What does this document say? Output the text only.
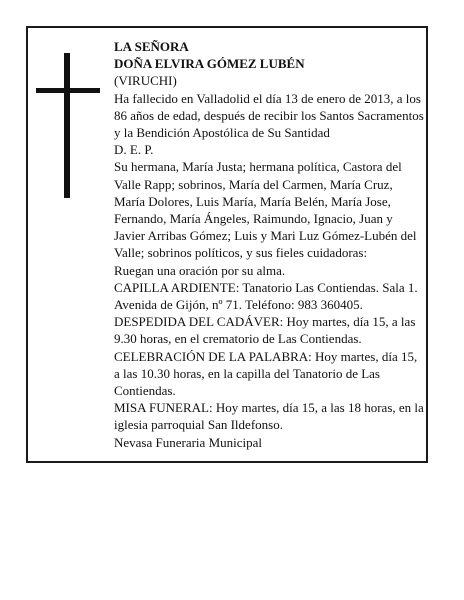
LA SEÑORA

DOÑA ELVIRA GÓMEZ LUBÉN

(VIRUCHI)

Ha fallecido en Valladolid el día 13 de enero de 2013, a los 86 años de edad, después de recibir los Santos Sacramentos y la Bendición Apostólica de Su Santidad

D. E. P.

Su hermana, María Justa; hermana política, Castora del Valle Rapp; sobrinos, María del Carmen, María Cruz, María Dolores, Luis María, María Belén, María Jose, Fernando, María Ángeles, Raimundo, Ignacio, Juan y Javier Arribas Gómez; Luis y Mari Luz Gómez-Lubén del Valle; sobrinos políticos, y sus fieles cuidadoras:

Ruegan una oración por su alma.

CAPILLA ARDIENTE: Tanatorio Las Contiendas. Sala 1. Avenida de Gijón, nº 71. Teléfono: 983 360405.

DESPEDIDA DEL CADÁVER: Hoy martes, día 15, a las 9.30 horas, en el crematorio de Las Contiendas.

CELEBRACIÓN DE LA PALABRA: Hoy martes, día 15, a las 10.30 horas, en la capilla del Tanatorio de Las Contiendas.

MISA FUNERAL: Hoy martes, día 15, a las 18 horas, en la iglesia parroquial San Ildefonso.

Nevasa Funeraria Municipal
